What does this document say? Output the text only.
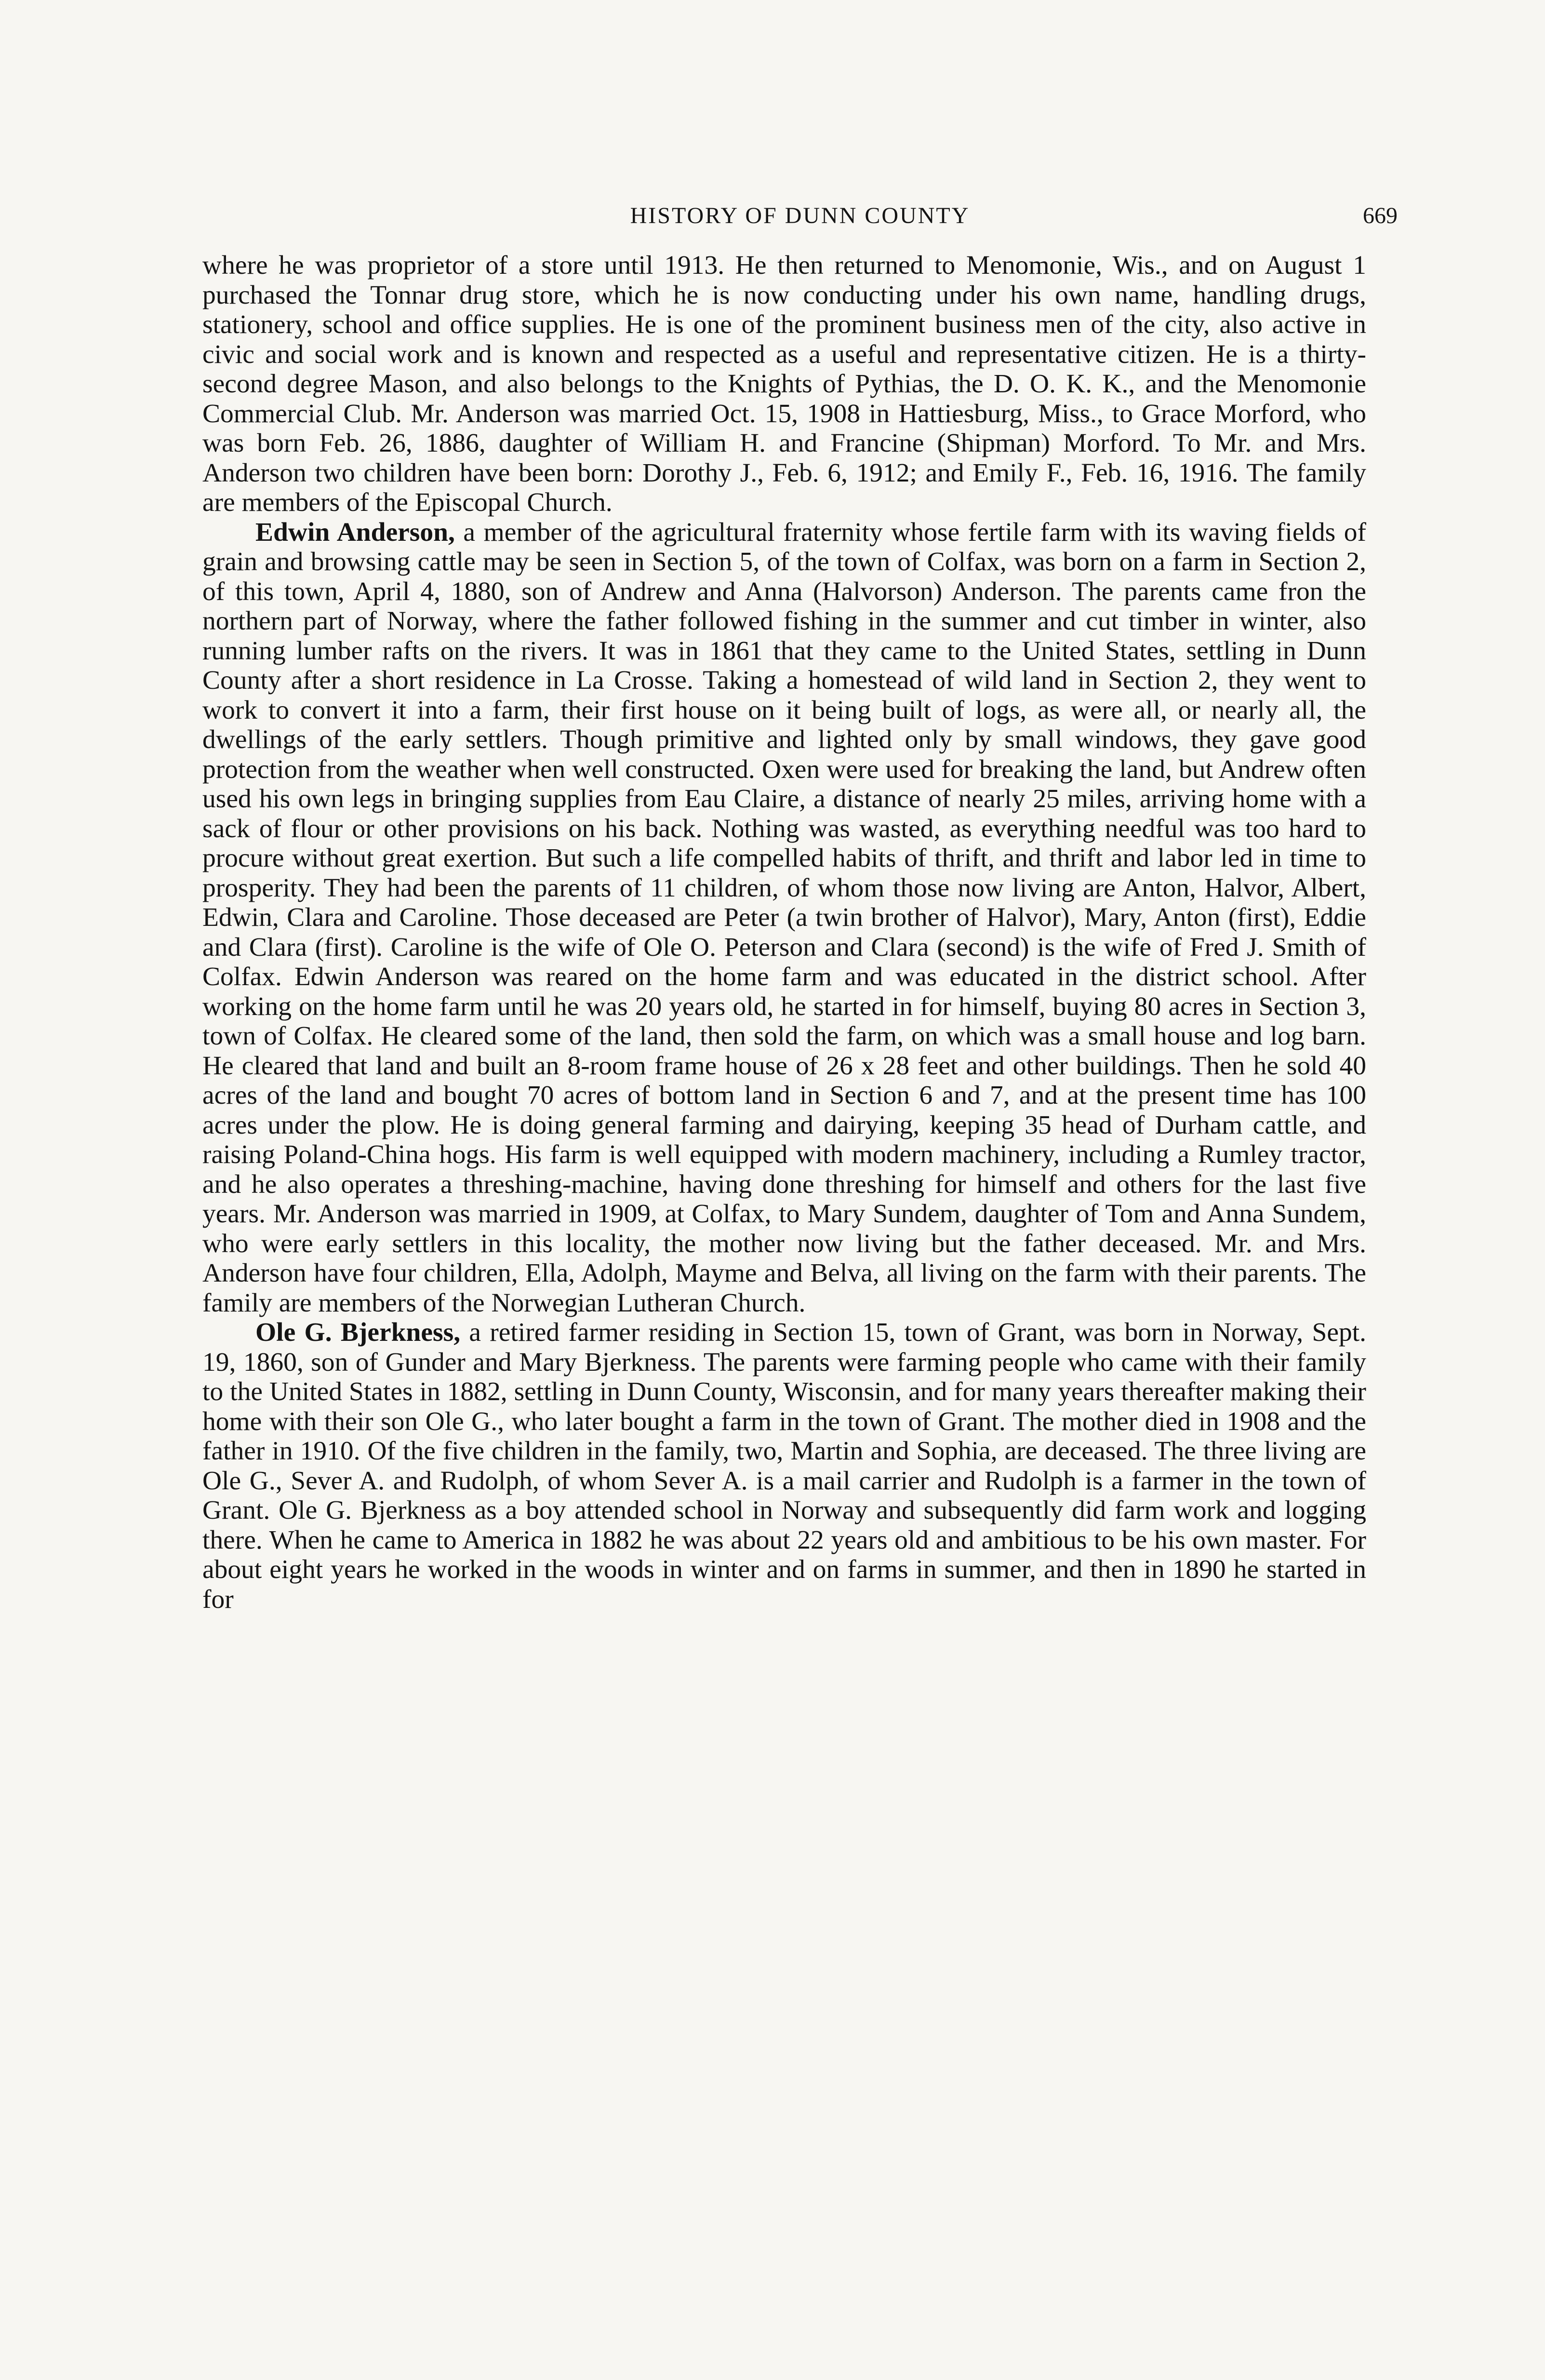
HISTORY OF DUNN COUNTY	669

where he was proprietor of a store until 1913. He then returned to Menomonie, Wis., and on August 1 purchased the Tonnar drug store, which he is now conducting under his own name, handling drugs, stationery, school and office supplies. He is one of the prominent business men of the city, also active in civic and social work and is known and respected as a useful and representative citizen. He is a thirty-second degree Mason, and also belongs to the Knights of Pythias, the D. O. K. K., and the Menomonie Commercial Club. Mr. Anderson was married Oct. 15, 1908 in Hattiesburg, Miss., to Grace Morford, who was born Feb. 26, 1886, daughter of William H. and Francine (Shipman) Morford. To Mr. and Mrs. Anderson two children have been born: Dorothy J., Feb. 6, 1912; and Emily F., Feb. 16, 1916. The family are members of the Episcopal Church.

Edwin Anderson, a member of the agricultural fraternity whose fertile farm with its waving fields of grain and browsing cattle may be seen in Section 5, of the town of Colfax, was born on a farm in Section 2, of this town, April 4, 1880, son of Andrew and Anna (Halvorson) Anderson. The parents came fron the northern part of Norway, where the father followed fishing in the summer and cut timber in winter, also running lumber rafts on the rivers. It was in 1861 that they came to the United States, settling in Dunn County after a short residence in La Crosse. Taking a homestead of wild land in Section 2, they went to work to convert it into a farm, their first house on it being built of logs, as were all, or nearly all, the dwellings of the early settlers. Though primitive and lighted only by small windows, they gave good protection from the weather when well constructed. Oxen were used for breaking the land, but Andrew often used his own legs in bringing supplies from Eau Claire, a distance of nearly 25 miles, arriving home with a sack of flour or other provisions on his back. Nothing was wasted, as everything needful was too hard to procure without great exertion. But such a life compelled habits of thrift, and thrift and labor led in time to prosperity. They had been the parents of 11 children, of whom those now living are Anton, Halvor, Albert, Edwin, Clara and Caroline. Those deceased are Peter (a twin brother of Halvor), Mary, Anton (first), Eddie and Clara (first). Caroline is the wife of Ole O. Peterson and Clara (second) is the wife of Fred J. Smith of Colfax. Edwin Anderson was reared on the home farm and was educated in the district school. After working on the home farm until he was 20 years old, he started in for himself, buying 80 acres in Section 3, town of Colfax. He cleared some of the land, then sold the farm, on which was a small house and log barn. He cleared that land and built an 8-room frame house of 26 x 28 feet and other buildings. Then he sold 40 acres of the land and bought 70 acres of bottom land in Section 6 and 7, and at the present time has 100 acres under the plow. He is doing general farming and dairying, keeping 35 head of Durham cattle, and raising Poland-China hogs. His farm is well equipped with modern machinery, including a Rumley tractor, and he also operates a threshing-machine, having done threshing for himself and others for the last five years. Mr. Anderson was married in 1909, at Colfax, to Mary Sundem, daughter of Tom and Anna Sundem, who were early settlers in this locality, the mother now living but the father deceased. Mr. and Mrs. Anderson have four children, Ella, Adolph, Mayme and Belva, all living on the farm with their parents. The family are members of the Norwegian Lutheran Church.

Ole G. Bjerkness, a retired farmer residing in Section 15, town of Grant, was born in Norway, Sept. 19, 1860, son of Gunder and Mary Bjerkness. The parents were farming people who came with their family to the United States in 1882, settling in Dunn County, Wisconsin, and for many years thereafter making their home with their son Ole G., who later bought a farm in the town of Grant. The mother died in 1908 and the father in 1910. Of the five children in the family, two, Martin and Sophia, are deceased. The three living are Ole G., Sever A. and Rudolph, of whom Sever A. is a mail carrier and Rudolph is a farmer in the town of Grant. Ole G. Bjerkness as a boy attended school in Norway and subsequently did farm work and logging there. When he came to America in 1882 he was about 22 years old and ambitious to be his own master. For about eight years he worked in the woods in winter and on farms in summer, and then in 1890 he started in for
